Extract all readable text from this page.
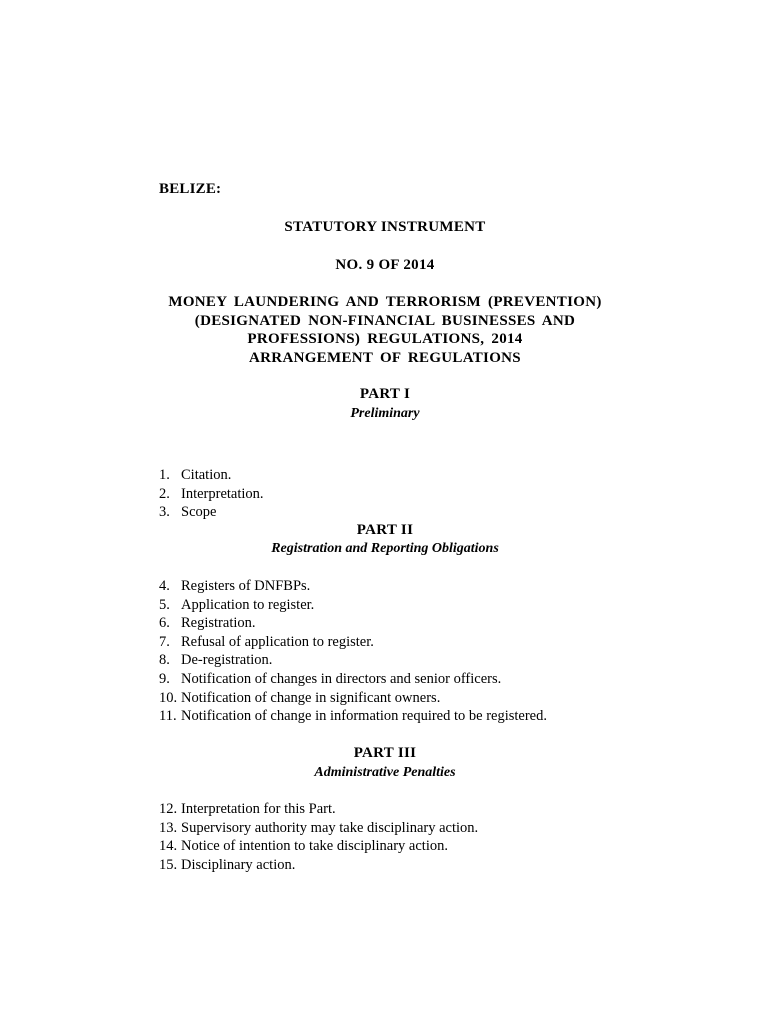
BELIZE:
STATUTORY INSTRUMENT
NO. 9 OF 2014
MONEY LAUNDERING AND TERRORISM (PREVENTION)
(DESIGNATED NON-FINANCIAL BUSINESSES AND
PROFESSIONS) REGULATIONS, 2014
ARRANGEMENT OF REGULATIONS
PART I
Preliminary
1. Citation.
2. Interpretation.
3. Scope
PART II
Registration and Reporting Obligations
4. Registers of DNFBPs.
5. Application to register.
6. Registration.
7. Refusal of application to register.
8. De-registration.
9. Notification of changes in directors and senior officers.
10. Notification of change in significant owners.
11. Notification of change in information required to be registered.
PART III
Administrative Penalties
12. Interpretation for this Part.
13. Supervisory authority may take disciplinary action.
14. Notice of intention to take disciplinary action.
15. Disciplinary action.
